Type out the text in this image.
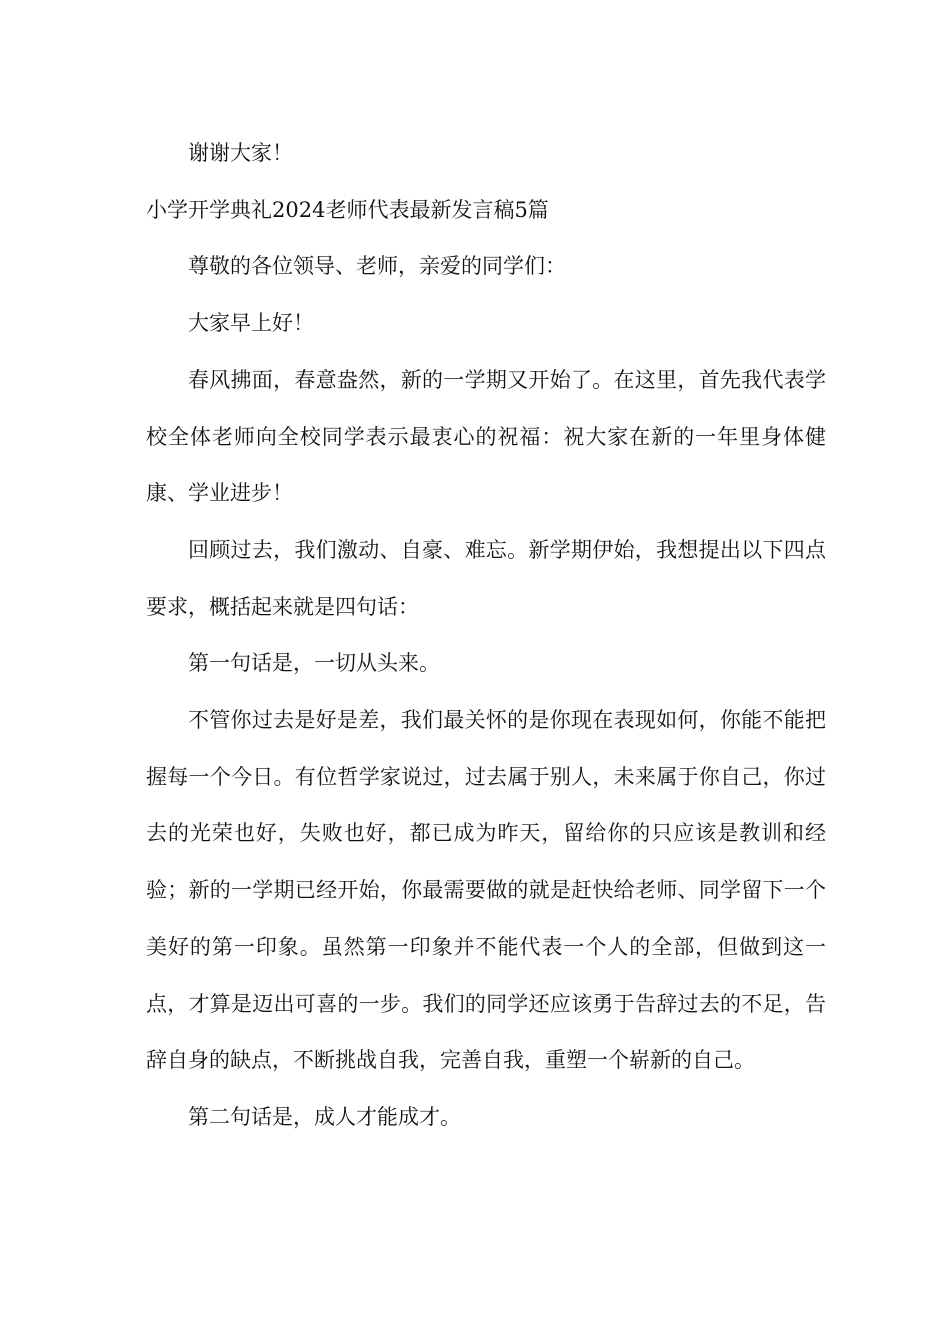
谢谢大家！

小学开学典礼2024老师代表最新发言稿5篇

尊敬的各位领导、老师，亲爱的同学们：

大家早上好！

春风拂面，春意盎然，新的一学期又开始了。在这里，首先我代表学校全体老师向全校同学表示最衷心的祝福：祝大家在新的一年里身体健康、学业进步！

回顾过去，我们激动、自豪、难忘。新学期伊始，我想提出以下四点要求，概括起来就是四句话：

第一句话是，一切从头来。

不管你过去是好是差，我们最关怀的是你现在表现如何，你能不能把握每一个今日。有位哲学家说过，过去属于别人，未来属于你自己，你过去的光荣也好，失败也好，都已成为昨天，留给你的只应该是教训和经验；新的一学期已经开始，你最需要做的就是赶快给老师、同学留下一个美好的第一印象。虽然第一印象并不能代表一个人的全部，但做到这一点，才算是迈出可喜的一步。我们的同学还应该勇于告辞过去的不足，告辞自身的缺点，不断挑战自我，完善自我，重塑一个崭新的自己。

第二句话是，成人才能成才。
